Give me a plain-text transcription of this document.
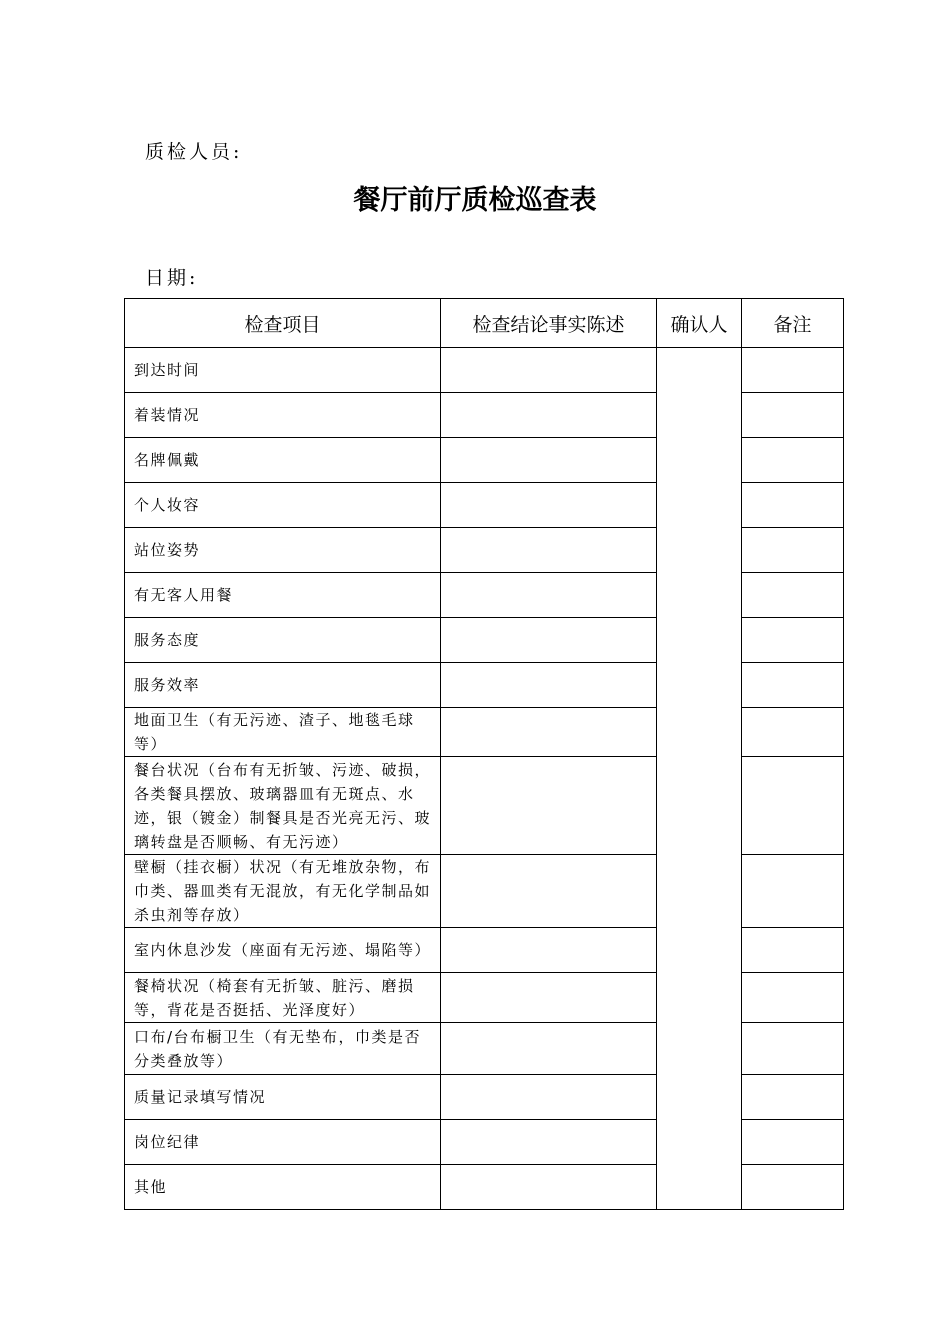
质检人员:
餐厅前厅质检巡查表
日期:
检查项目	检查结论事实陈述	确认人	备注
到达时间			
着装情况			
名牌佩戴			
个人妆容			
站位姿势			
有无客人用餐			
服务态度			
服务效率			
地面卫生（有无污迹、渣子、地毯毛球等）			
餐台状况（台布有无折皱、污迹、破损，各类餐具摆放、玻璃器皿有无斑点、水迹，银（镀金）制餐具是否光亮无污、玻璃转盘是否顺畅、有无污迹）			
壁橱（挂衣橱）状况（有无堆放杂物，布巾类、器皿类有无混放，有无化学制品如杀虫剂等存放）			
室内休息沙发（座面有无污迹、塌陷等）			
餐椅状况（椅套有无折皱、脏污、磨损等，背花是否挺括、光泽度好）			
口布/台布橱卫生（有无垫布，巾类是否分类叠放等）			
质量记录填写情况			
岗位纪律			
其他			
